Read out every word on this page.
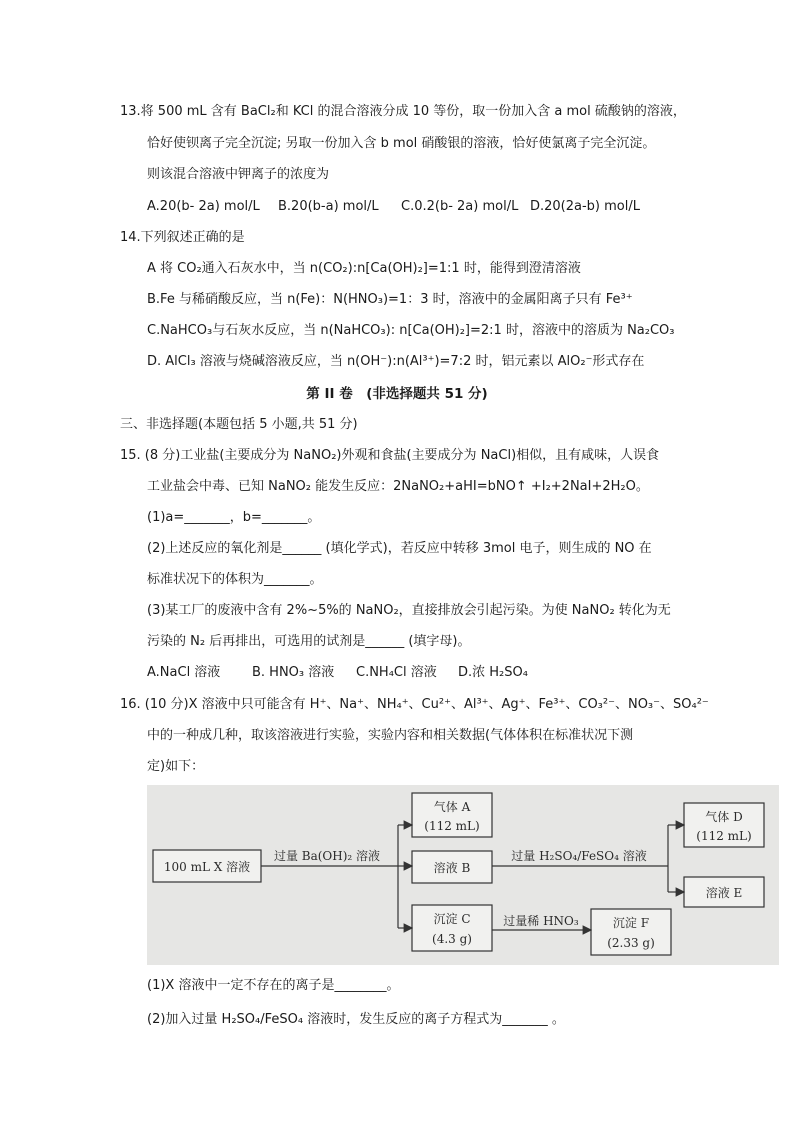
13.将 500 mL 含有 BaCl₂和 KCl 的混合溶液分成 10 等份，取一份加入含 a mol 硫酸钠的溶液，
恰好使钡离子完全沉淀; 另取一份加入含 b mol 硝酸银的溶液，恰好使氯离子完全沉淀。
则该混合溶液中钾离子的浓度为
A.20(b- 2a) mol/L B.20(b-a) mol/L C.0.2(b- 2a) mol/L D.20(2a-b) mol/L
14.下列叙述正确的是
A 将 CO₂通入石灰水中，当 n(CO₂):n[Ca(OH)₂]=1:1 时，能得到澄清溶液
B.Fe 与稀硝酸反应，当 n(Fe)：N(HNO₃)=1：3 时，溶液中的金属阳离子只有 Fe³⁺
C.NaHCO₃与石灰水反应，当 n(NaHCO₃): n[Ca(OH)₂]=2:1 时，溶液中的溶质为 Na₂CO₃
D. AlCl₃ 溶液与烧碱溶液反应，当 n(OH⁻):n(Al³⁺)=7:2 时，铝元素以 AlO₂⁻形式存在
第 II 卷　(非选择题共 51 分)
三、非选择题(本题包括 5 小题,共 51 分)
15. (8 分)工业盐(主要成分为 NaNO₂)外观和食盐(主要成分为 NaCl)相似，且有咸味，人误食
工业盐会中毒、已知 NaNO₂ 能发生反应：2NaNO₂+aHI=bNO↑ +I₂+2NaI+2H₂O。
(1)a=_______，b=_______。
(2)上述反应的氧化剂是______ (填化学式)，若反应中转移 3mol 电子，则生成的 NO 在
标准状况下的体积为_______。
(3)某工厂的废液中含有 2%~5%的 NaNO₂，直接排放会引起污染。为使 NaNO₂ 转化为无
污染的 N₂ 后再排出，可选用的试剂是______ (填字母)。
A.NaCl 溶液 B. HNO₃ 溶液 C.NH₄Cl 溶液 D.浓 H₂SO₄
16. (10 分)X 溶液中只可能含有 H⁺、Na⁺、NH₄⁺、Cu²⁺、Al³⁺、Ag⁺、Fe³⁺、CO₃²⁻、NO₃⁻、SO₄²⁻
中的一种成几种，取该溶液进行实验，实验内容和相关数据(气体体积在标准状况下测
定)如下：
100 mL X 溶液
过量 Ba(OH)₂ 溶液
气体 A
(112 mL)
溶液 B
沉淀 C
(4.3 g)
过量 H₂SO₄/FeSO₄ 溶液
气体 D
(112 mL)
溶液 E
过量稀 HNO₃	沉淀 F
(2.33 g)
(1)X 溶液中一定不存在的离子是________。
(2)加入过量 H₂SO₄/FeSO₄ 溶液时，发生反应的离子方程式为_______ 。
